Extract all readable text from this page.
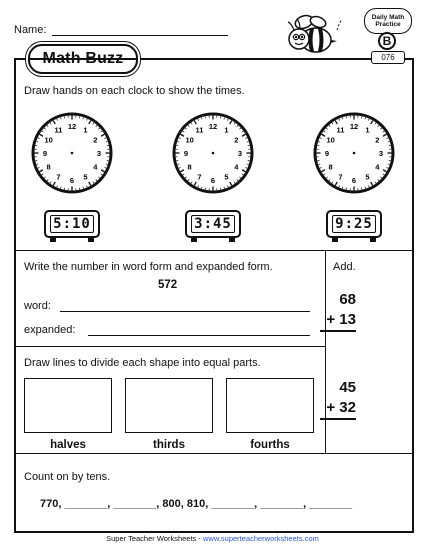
Name:
Math Buzz
Daily Math
Practice
B
076
Draw hands on each clock to show the times.
12 1
2
3
4
5
6
7
8
9
10
11
5:10
12 1
2
3
4
5
6
7
8
9
10
11
3:45
12 1
2
3
4
5
6
7
8
9
10
11
9:25
Write the number in word form and expanded form.
572
word:
expanded:
Add.
68
+ 13
45
+ 32
Draw lines to divide each shape into equal parts.
halves	thirds	fourths
Count on by tens.
770, _______, _______, 800, 810, _______, _______, _______
Super Teacher Worksheets - www.superteacherworksheets.com
